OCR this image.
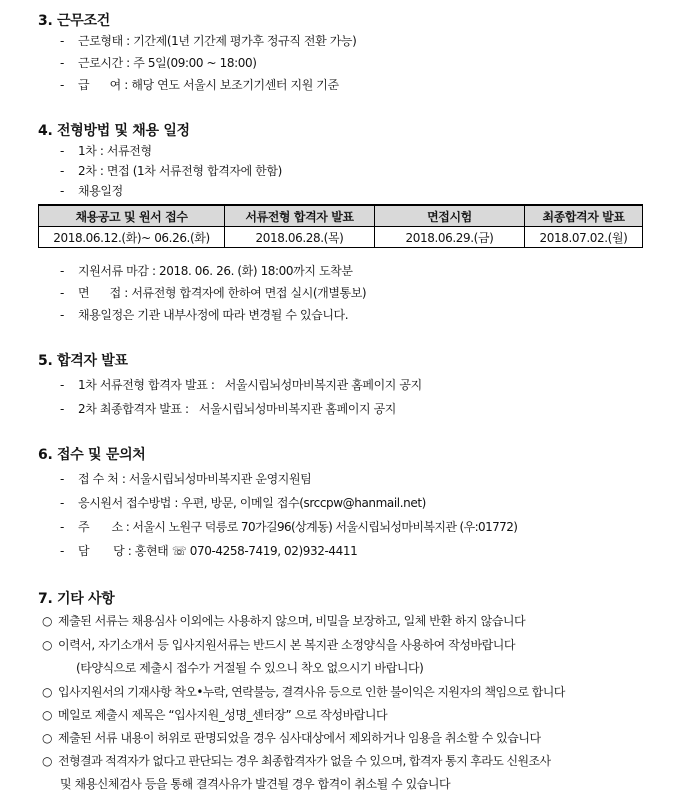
3. 근무조건
- 근로형태 : 기간제(1년 기간제 평가후 정규직 전환 가능)
- 근로시간 : 주 5일(09:00 ~ 18:00)
- 급      여 : 해당 연도 서울시 보조기기센터 지원 기준
4. 전형방법 및 채용 일정
- 1차 : 서류전형
- 2차 : 면접 (1차 서류전형 합격자에 한함)
- 채용일정
채용공고 및 원서 접수	서류전형 합격자 발표	면접시험	최종합격자 발표
2018.06.12.(화)~ 06.26.(화)	2018.06.28.(목)	2018.06.29.(금)	2018.07.02.(월)
- 지원서류 마감 : 2018. 06. 26. (화) 18:00까지 도착분
- 면      접 : 서류전형 합격자에 한하여 면접 실시(개별통보)
- 채용일정은 기관 내부사정에 따라 변경될 수 있습니다.
5. 합격자 발표
- 1차 서류전형 합격자 발표 :   서울시립뇌성마비복지관 홈페이지 공지
- 2차 최종합격자 발표 :   서울시립뇌성마비복지관 홈페이지 공지
6. 접수 및 문의처
- 접 수 처 : 서울시립뇌성마비복지관 운영지원팀
- 응시원서 접수방법 : 우편, 방문, 이메일 접수(srccpw@hanmail.net)
- 주       소 : 서울시 노원구 덕릉로 70가길96(상계동) 서울시립뇌성마비복지관 (우:01772)
- 담       당 : 홍현태 ☏ 070-4258-7419, 02)932-4411
7. 기타 사항
○ 제출된 서류는 채용심사 이외에는 사용하지 않으며, 비밀을 보장하고, 일체 반환 하지 않습니다
○ 이력서, 자기소개서 등 입사지원서류는 반드시 본 복지관 소정양식을 사용하여 작성바랍니다
(타양식으로 제출시 접수가 거절될 수 있으니 착오 없으시기 바랍니다)
○ 입사지원서의 기재사항 착오•누락, 연락불능, 결격사유 등으로 인한 불이익은 지원자의 책임으로 합니다
○ 메일로 제출시 제목은 “입사지원_성명_센터장” 으로 작성바랍니다
○ 제출된 서류 내용이 허위로 판명되었을 경우 심사대상에서 제외하거나 임용을 취소할 수 있습니다
○ 전형결과 적격자가 없다고 판단되는 경우 최종합격자가 없을 수 있으며, 합격자 통지 후라도 신원조사
및 채용신체검사 등을 통해 결격사유가 발견될 경우 합격이 취소될 수 있습니다
